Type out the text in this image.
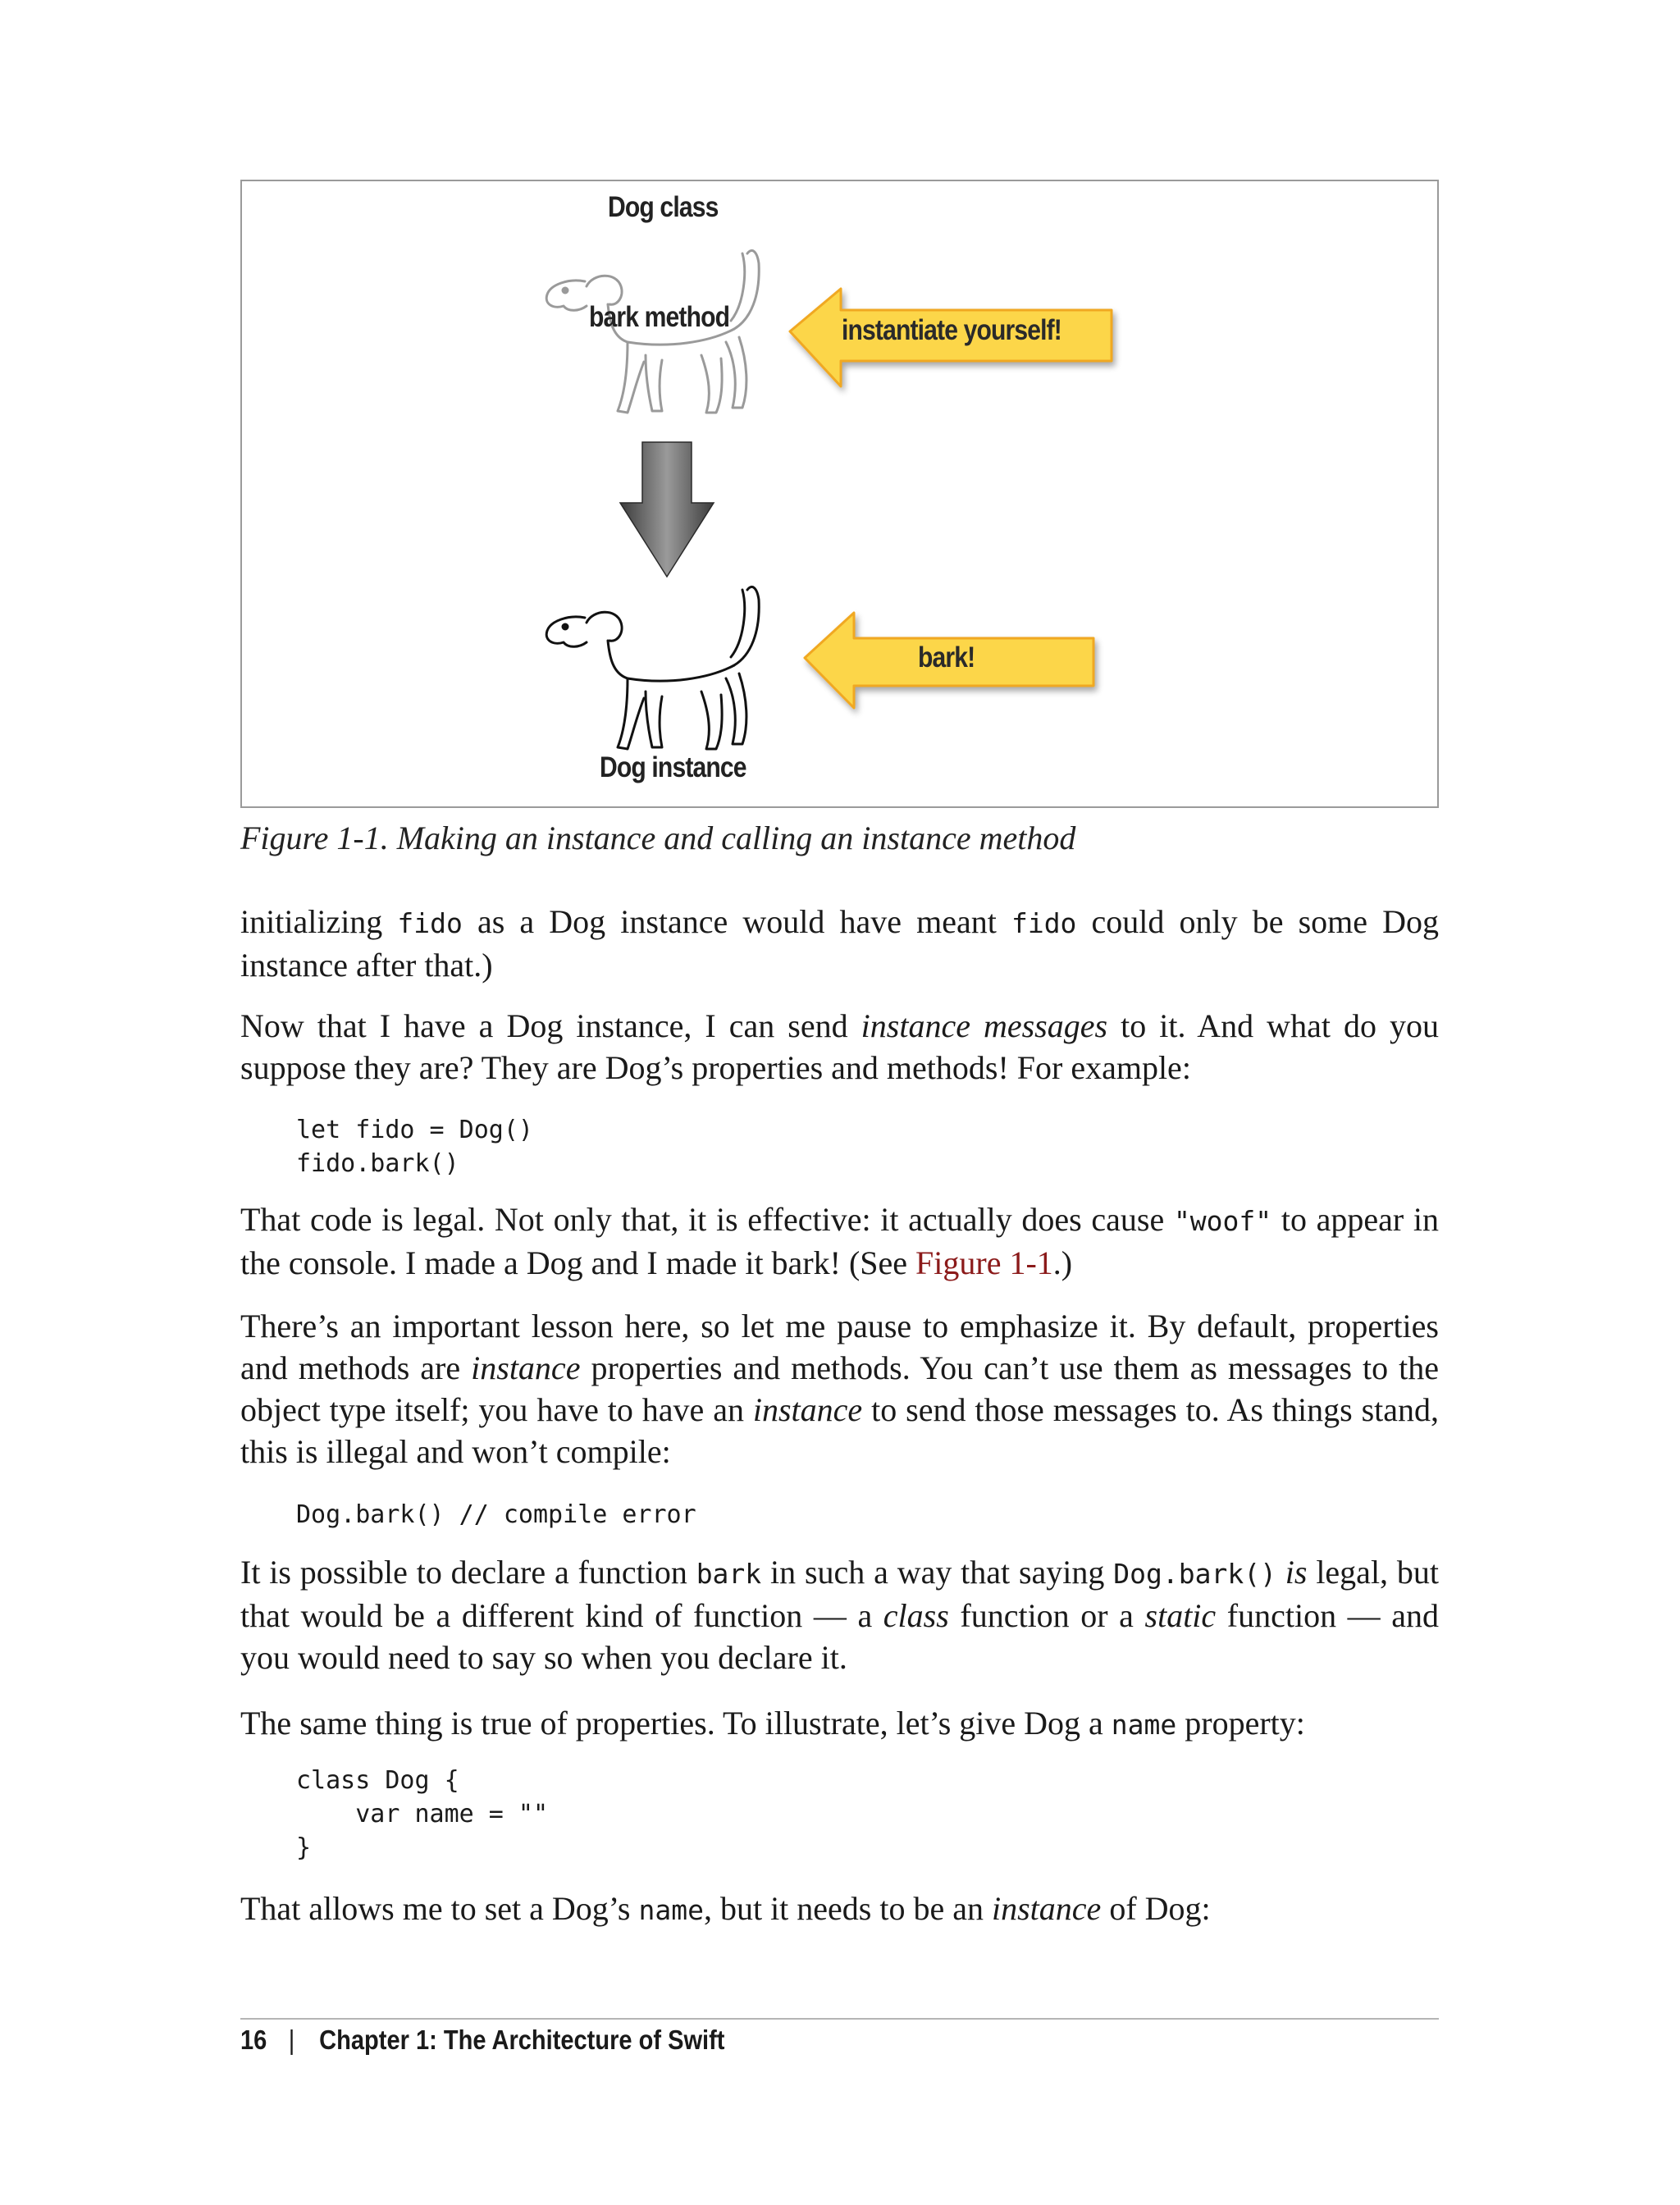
Dog class
bark method
Dog instance
instantiate yourself!
bark!
Figure 1-1. Making an instance and calling an instance method
initializing fido as a Dog instance would have meant fido could only be some Dog instance after that.)
Now that I have a Dog instance, I can send instance messages to it. And what do you suppose they are? They are Dog’s properties and methods! For example:
let fido = Dog()
fido.bark()
That code is legal. Not only that, it is effective: it actually does cause "woof" to appear in the console. I made a Dog and I made it bark! (See Figure 1-1.)
There’s an important lesson here, so let me pause to emphasize it. By default, properties and methods are instance properties and methods. You can’t use them as messages to the object type itself; you have to have an instance to send those messages to. As things stand, this is illegal and won’t compile:
Dog.bark() // compile error
It is possible to declare a function bark in such a way that saying Dog.bark() is legal, but that would be a different kind of function — a class function or a static function — and you would need to say so when you declare it.
The same thing is true of properties. To illustrate, let’s give Dog a name property:
class Dog {
var name = ""
}
That allows me to set a Dog’s name, but it needs to be an instance of Dog:
16 | Chapter 1: The Architecture of Swift
